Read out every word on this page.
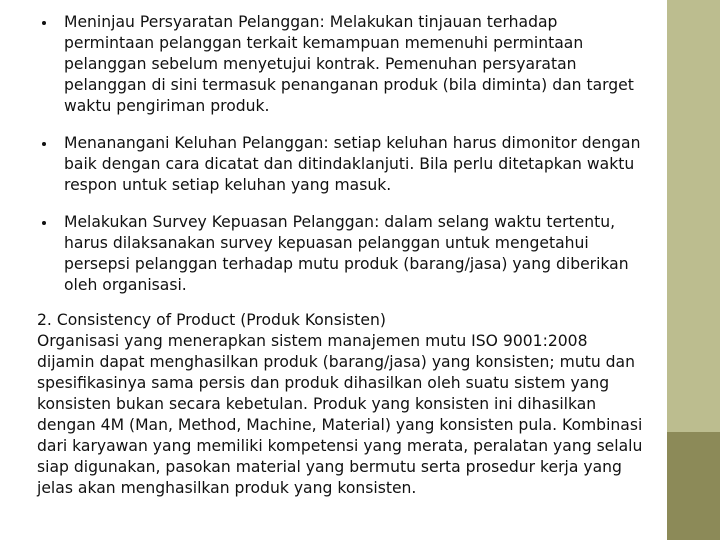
Meninjau Persyaratan Pelanggan: Melakukan tinjauan terhadap permintaan pelanggan terkait kemampuan memenuhi permintaan pelanggan sebelum menyetujui kontrak. Pemenuhan persyaratan pelanggan di sini termasuk penanganan produk (bila diminta) dan target waktu pengiriman produk.
Menanangani Keluhan Pelanggan: setiap keluhan harus dimonitor dengan baik dengan cara dicatat dan ditindaklanjuti. Bila perlu ditetapkan waktu respon untuk setiap keluhan yang masuk.
Melakukan Survey Kepuasan Pelanggan: dalam selang waktu tertentu, harus dilaksanakan survey kepuasan pelanggan untuk mengetahui persepsi pelanggan terhadap mutu produk (barang/jasa) yang diberikan oleh organisasi.

2. Consistency of Product (Produk Konsisten)

Organisasi yang menerapkan sistem manajemen mutu ISO 9001:2008 dijamin dapat menghasilkan produk (barang/jasa) yang konsisten; mutu dan spesifikasinya sama persis dan produk dihasilkan oleh suatu sistem yang konsisten bukan secara kebetulan. Produk yang konsisten ini dihasilkan dengan 4M (Man, Method, Machine, Material) yang konsisten pula. Kombinasi dari karyawan yang memiliki kompetensi yang merata, peralatan yang selalu siap digunakan, pasokan material yang bermutu serta prosedur kerja yang jelas akan menghasilkan produk yang konsisten.
